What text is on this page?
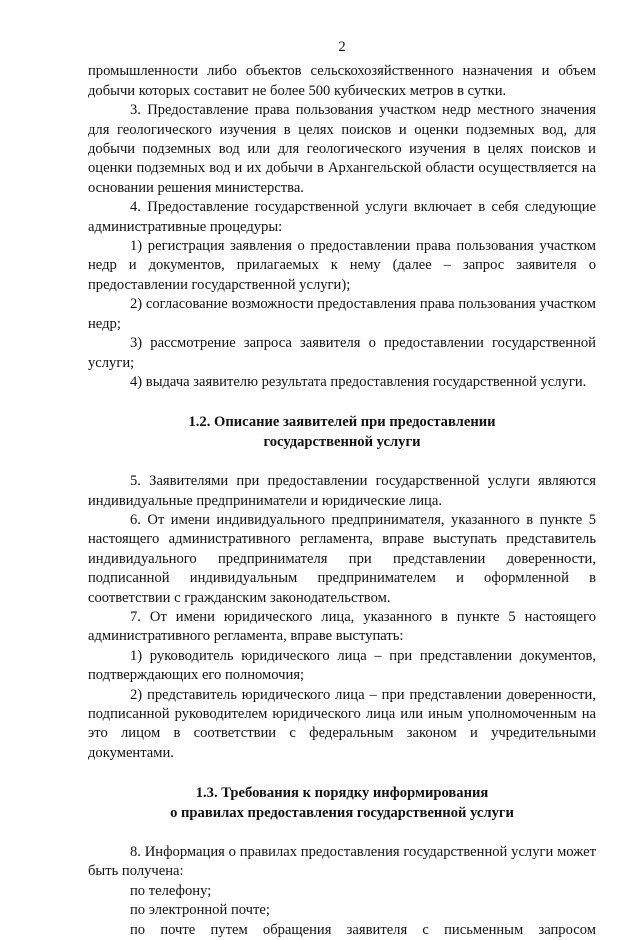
2

промышленности либо объектов сельскохозяйственного назначения и объем добычи которых составит не более 500 кубических метров в сутки.

3. Предоставление права пользования участком недр местного значения для геологического изучения в целях поисков и оценки подземных вод, для добычи подземных вод или для геологического изучения в целях поисков и оценки подземных вод и их добычи в Архангельской области осуществляется на основании решения министерства.

4. Предоставление государственной услуги включает в себя следующие административные процедуры:

1) регистрация заявления о предоставлении права пользования участком недр и документов, прилагаемых к нему (далее – запрос заявителя о предоставлении государственной услуги);

2) согласование возможности предоставления права пользования участком недр;

3) рассмотрение запроса заявителя о предоставлении государственной услуги;

4) выдача заявителю результата предоставления государственной услуги.

1.2. Описание заявителей при предоставлении

государственной услуги

5. Заявителями при предоставлении государственной услуги являются индивидуальные предприниматели и юридические лица.

6. От имени индивидуального предпринимателя, указанного в пункте 5 настоящего административного регламента, вправе выступать представитель индивидуального предпринимателя при представлении доверенности, подписанной индивидуальным предпринимателем и оформленной в соответствии с гражданским законодательством.

7. От имени юридического лица, указанного в пункте 5 настоящего административного регламента, вправе выступать:

1) руководитель юридического лица – при представлении документов, подтверждающих его полномочия;

2) представитель юридического лица – при представлении доверенности, подписанной руководителем юридического лица или иным уполномоченным на это лицом в соответствии с федеральным законом и учредительными документами.

1.3. Требования к порядку информирования

о правилах предоставления государственной услуги

8. Информация о правилах предоставления государственной услуги может быть получена:

по телефону;

по электронной почте;

по почте путем обращения заявителя с письменным запросом
